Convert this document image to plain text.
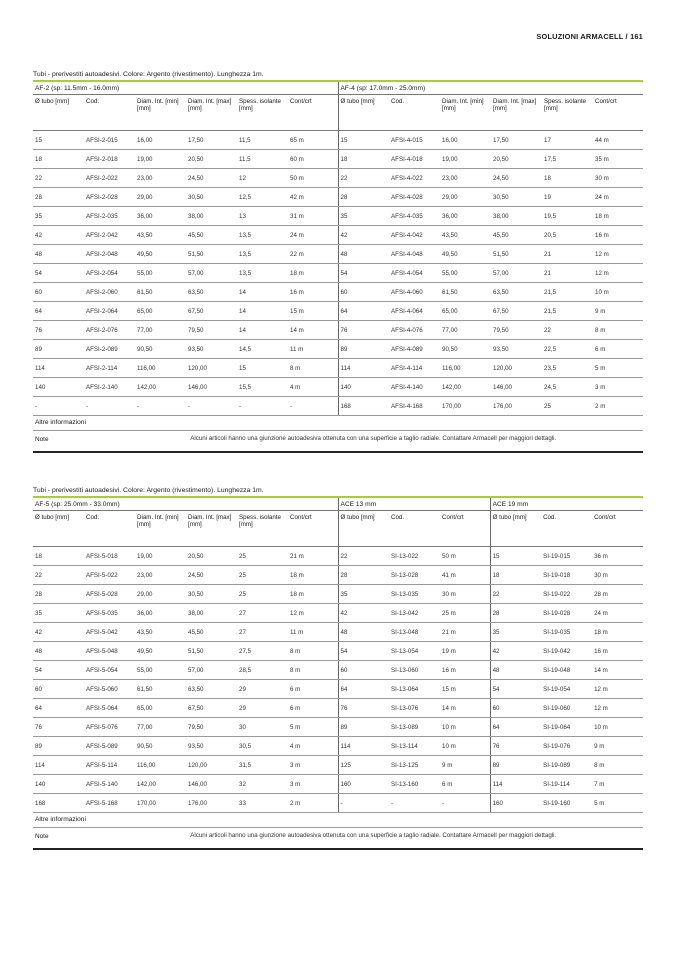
SOLUZIONI ARMACELL / 161
Tubi - prerivestiti autoadesivi. Colore: Argento (rivestimento). Lunghezza 1m.
AF-2 (sp: 11.5mm - 16.0mm)						AF-4 (sp: 17.0mm - 25.0mm)					
Ø tubo [mm]	Cod.	Diam. Int. [min] [mm]	Diam. Int. [max] [mm]	Spess. isolante [mm]	Cont/crt	Ø tubo [mm]	Cod.	Diam. Int. [min] [mm]	Diam. Int. [max] [mm]	Spess. isolante [mm]	Cont/crt
15	AFSI-2-015	16,00	17,50	11,5	65 m	15	AFSI-4-015	16,00	17,50	17	44 m
18	AFSI-2-018	19,00	20,50	11,5	60 m	18	AFSI-4-018	19,00	20,50	17,5	35 m
22	AFSI-2-022	23,00	24,50	12	50 m	22	AFSI-4-022	23,00	24,50	18	30 m
28	AFSI-2-028	29,00	30,50	12,5	42 m	28	AFSI-4-028	29,00	30,50	19	24 m
35	AFSI-2-035	36,00	38,00	13	31 m	35	AFSI-4-035	36,00	38,00	19,5	18 m
42	AFSI-2-042	43,50	45,50	13,5	24 m	42	AFSI-4-042	43,50	45,50	20,5	16 m
48	AFSI-2-048	49,50	51,50	13,5	22 m	48	AFSI-4-048	49,50	51,50	21	12 m
54	AFSI-2-054	55,00	57,00	13,5	18 m	54	AFSI-4-054	55,00	57,00	21	12 m
60	AFSI-2-060	61,50	63,50	14	16 m	60	AFSI-4-060	61,50	63,50	21,5	10 m
64	AFSI-2-064	65,00	67,50	14	15 m	64	AFSI-4-064	65,00	67,50	21,5	9 m
76	AFSI-2-076	77,00	79,50	14	14 m	76	AFSI-4-076	77,00	79,50	22	8 m
89	AFSI-2-089	90,50	93,50	14,5	11 m	89	AFSI-4-089	90,50	93,50	22,5	6 m
114	AFSI-2-114	116,00	120,00	15	8 m	114	AFSI-4-114	116,00	120,00	23,5	5 m
140	AFSI-2-140	142,00	146,00	15,5	4 m	140	AFSI-4-140	142,00	146,00	24,5	3 m
-	-	-	-	-	-	168	AFSI-4-168	170,00	176,00	25	2 m
Altre informazioni
Note	Alcuni articoli hanno una giunzione autoadesiva ottenuta con una superficie a taglio radiale. Contattare Armacell per maggiori dettagli.
Tubi - prerivestiti autoadesivi. Colore: Argento (rivestimento). Lunghezza 1m.
AF-5 (sp: 25.0mm - 33.0mm)						ACE 13 mm			ACE 19 mm		
Ø tubo [mm]	Cod.	Diam. Int. [min] [mm]	Diam. Int. [max] [mm]	Spess. isolante [mm]	Cont/crt	Ø tubo [mm]	Cod.	Cont/crt	Ø tubo [mm]	Cod.	Cont/crt
18	AFSI-5-018	19,00	20,50	25	21 m	22	SI-13-022	50 m	15	SI-19-015	36 m
22	AFSI-5-022	23,00	24,50	25	18 m	28	SI-13-028	41 m	18	SI-19-018	30 m
28	AFSI-5-028	29,00	30,50	25	18 m	35	SI-13-035	30 m	22	SI-19-022	28 m
35	AFSI-5-035	36,00	38,00	27	12 m	42	SI-13-042	25 m	28	SI-19-028	24 m
42	AFSI-5-042	43,50	45,50	27	11 m	48	SI-13-048	21 m	35	SI-19-035	18 m
48	AFSI-5-048	49,50	51,50	27,5	8 m	54	SI-13-054	19 m	42	SI-19-042	16 m
54	AFSI-5-054	55,00	57,00	28,5	8 m	60	SI-13-060	16 m	48	SI-19-048	14 m
60	AFSI-5-060	61,50	63,50	29	6 m	64	SI-13-064	15 m	54	SI-19-054	12 m
64	AFSI-5-064	65,00	67,50	29	6 m	76	SI-13-076	14 m	60	SI-19-060	12 m
76	AFSI-5-076	77,00	79,50	30	5 m	89	SI-13-089	10 m	64	SI-19-064	10 m
89	AFSI-5-089	90,50	93,50	30,5	4 m	114	SI-13-114	10 m	76	SI-19-076	9 m
114	AFSI-5-114	116,00	120,00	31,5	3 m	125	SI-13-125	9 m	89	SI-19-089	8 m
140	AFSI-5-140	142,00	146,00	32	3 m	160	SI-13-160	6 m	114	SI-19-114	7 m
168	AFSI-5-168	170,00	176,00	33	2 m	-	-	-	160	SI-19-160	5 m
Altre informazioni
Note	Alcuni articoli hanno una giunzione autoadesiva ottenuta con una superficie a taglio radiale. Contattare Armacell per maggiori dettagli.
